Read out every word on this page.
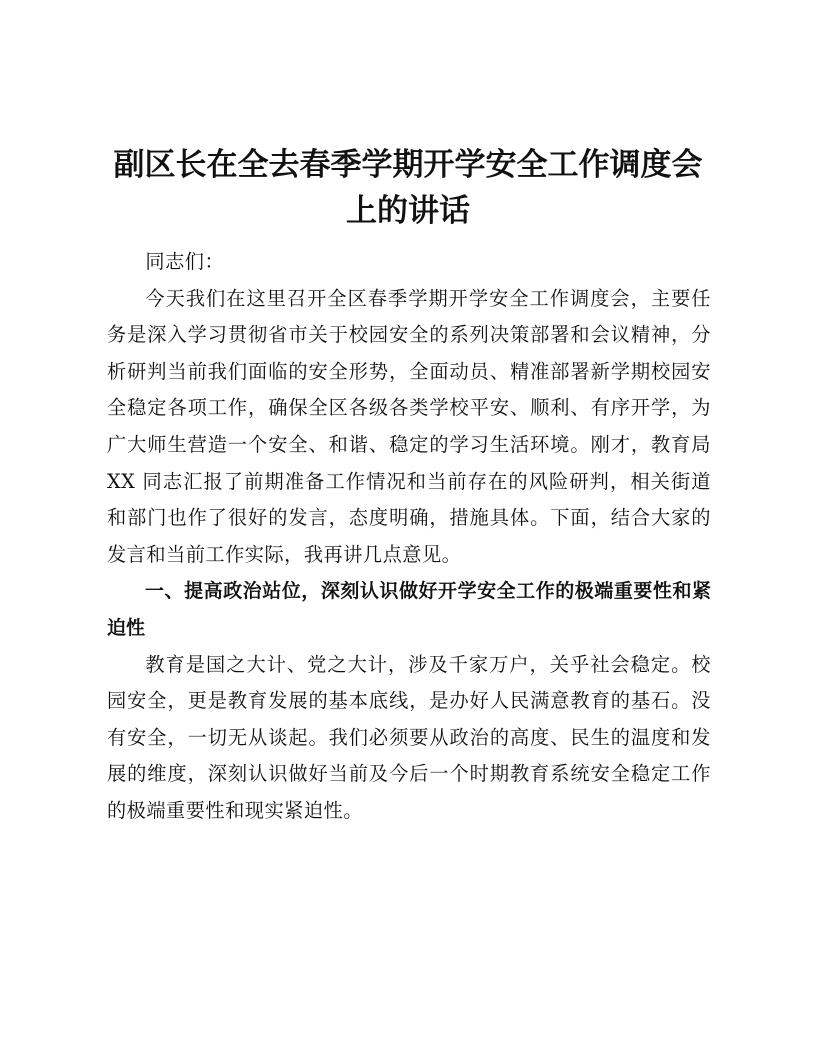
副区长在全去春季学期开学安全工作调度会上的讲话

同志们：

今天我们在这里召开全区春季学期开学安全工作调度会，主要任务是深入学习贯彻省市关于校园安全的系列决策部署和会议精神，分析研判当前我们面临的安全形势，全面动员、精准部署新学期校园安全稳定各项工作，确保全区各级各类学校平安、顺利、有序开学，为广大师生营造一个安全、和谐、稳定的学习生活环境。刚才，教育局 XX 同志汇报了前期准备工作情况和当前存在的风险研判，相关街道和部门也作了很好的发言，态度明确，措施具体。下面，结合大家的发言和当前工作实际，我再讲几点意见。

一、提高政治站位，深刻认识做好开学安全工作的极端重要性和紧迫性

教育是国之大计、党之大计，涉及千家万户，关乎社会稳定。校园安全，更是教育发展的基本底线，是办好人民满意教育的基石。没有安全，一切无从谈起。我们必须要从政治的高度、民生的温度和发展的维度，深刻认识做好当前及今后一个时期教育系统安全稳定工作的极端重要性和现实紧迫性。
